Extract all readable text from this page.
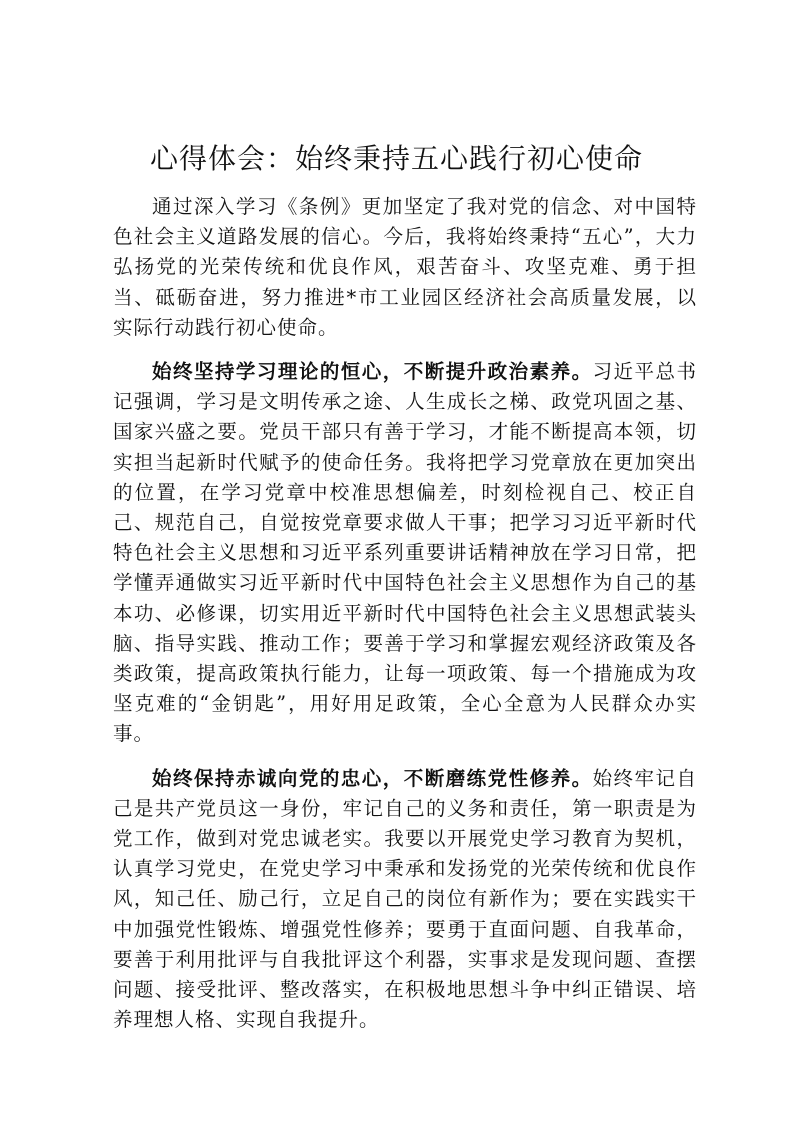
心得体会：始终秉持五心践行初心使命

通过深入学习《条例》更加坚定了我对党的信念、对中国特色社会主义道路发展的信心。今后，我将始终秉持“五心”，大力弘扬党的光荣传统和优良作风，艰苦奋斗、攻坚克难、勇于担当、砥砺奋进，努力推进*市工业园区经济社会高质量发展，以实际行动践行初心使命。

始终坚持学习理论的恒心，不断提升政治素养。习近平总书记强调，学习是文明传承之途、人生成长之梯、政党巩固之基、国家兴盛之要。党员干部只有善于学习，才能不断提高本领，切实担当起新时代赋予的使命任务。我将把学习党章放在更加突出的位置，在学习党章中校准思想偏差，时刻检视自己、校正自己、规范自己，自觉按党章要求做人干事；把学习习近平新时代特色社会主义思想和习近平系列重要讲话精神放在学习日常，把学懂弄通做实习近平新时代中国特色社会主义思想作为自己的基本功、必修课，切实用近平新时代中国特色社会主义思想武装头脑、指导实践、推动工作；要善于学习和掌握宏观经济政策及各类政策，提高政策执行能力，让每一项政策、每一个措施成为攻坚克难的“金钥匙”，用好用足政策，全心全意为人民群众办实事。

始终保持赤诚向党的忠心，不断磨练党性修养。始终牢记自己是共产党员这一身份，牢记自己的义务和责任，第一职责是为党工作，做到对党忠诚老实。我要以开展党史学习教育为契机，认真学习党史，在党史学习中秉承和发扬党的光荣传统和优良作风，知己任、励己行，立足自己的岗位有新作为；要在实践实干中加强党性锻炼、增强党性修养；要勇于直面问题、自我革命，要善于利用批评与自我批评这个利器，实事求是发现问题、查摆问题、接受批评、整改落实，在积极地思想斗争中纠正错误、培养理想人格、实现自我提升。
